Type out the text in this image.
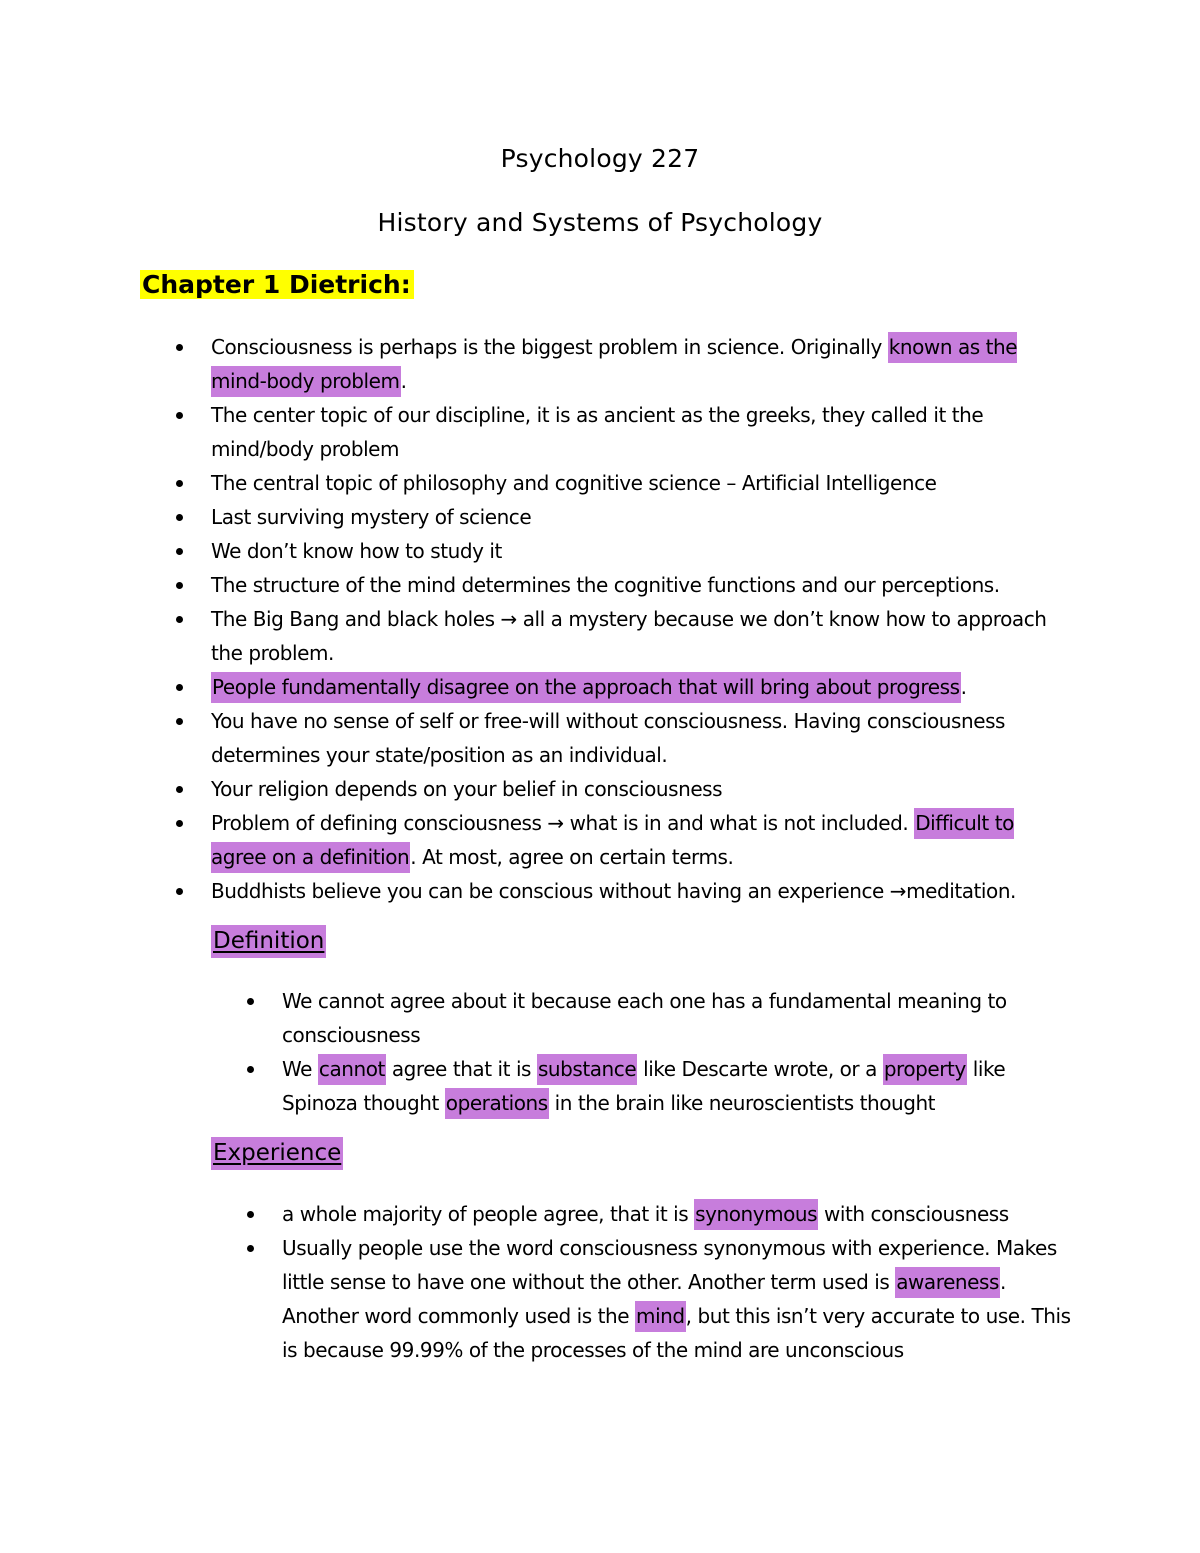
Psychology 227
History and Systems of Psychology
Chapter 1 Dietrich:
Consciousness is perhaps is the biggest problem in science. Originally known as the mind-body problem.
The center topic of our discipline, it is as ancient as the greeks, they called it the mind/body problem
The central topic of philosophy and cognitive science – Artificial Intelligence
Last surviving mystery of science
We don’t know how to study it
The structure of the mind determines the cognitive functions and our perceptions.
The Big Bang and black holes → all a mystery because we don’t know how to approach the problem.
People fundamentally disagree on the approach that will bring about progress.
You have no sense of self or free-will without consciousness. Having consciousness determines your state/position as an individual.
Your religion depends on your belief in consciousness
Problem of defining consciousness → what is in and what is not included. Difficult to agree on a definition. At most, agree on certain terms.
Buddhists believe you can be conscious without having an experience →meditation.
Definition
We cannot agree about it because each one has a fundamental meaning to consciousness
We cannot agree that it is substance like Descarte wrote, or a property like Spinoza thought operations in the brain like neuroscientists thought
Experience
a whole majority of people agree, that it is synonymous with consciousness
Usually people use the word consciousness synonymous with experience. Makes little sense to have one without the other. Another term used is awareness. Another word commonly used is the mind, but this isn’t very accurate to use. This is because 99.99% of the processes of the mind are unconscious
